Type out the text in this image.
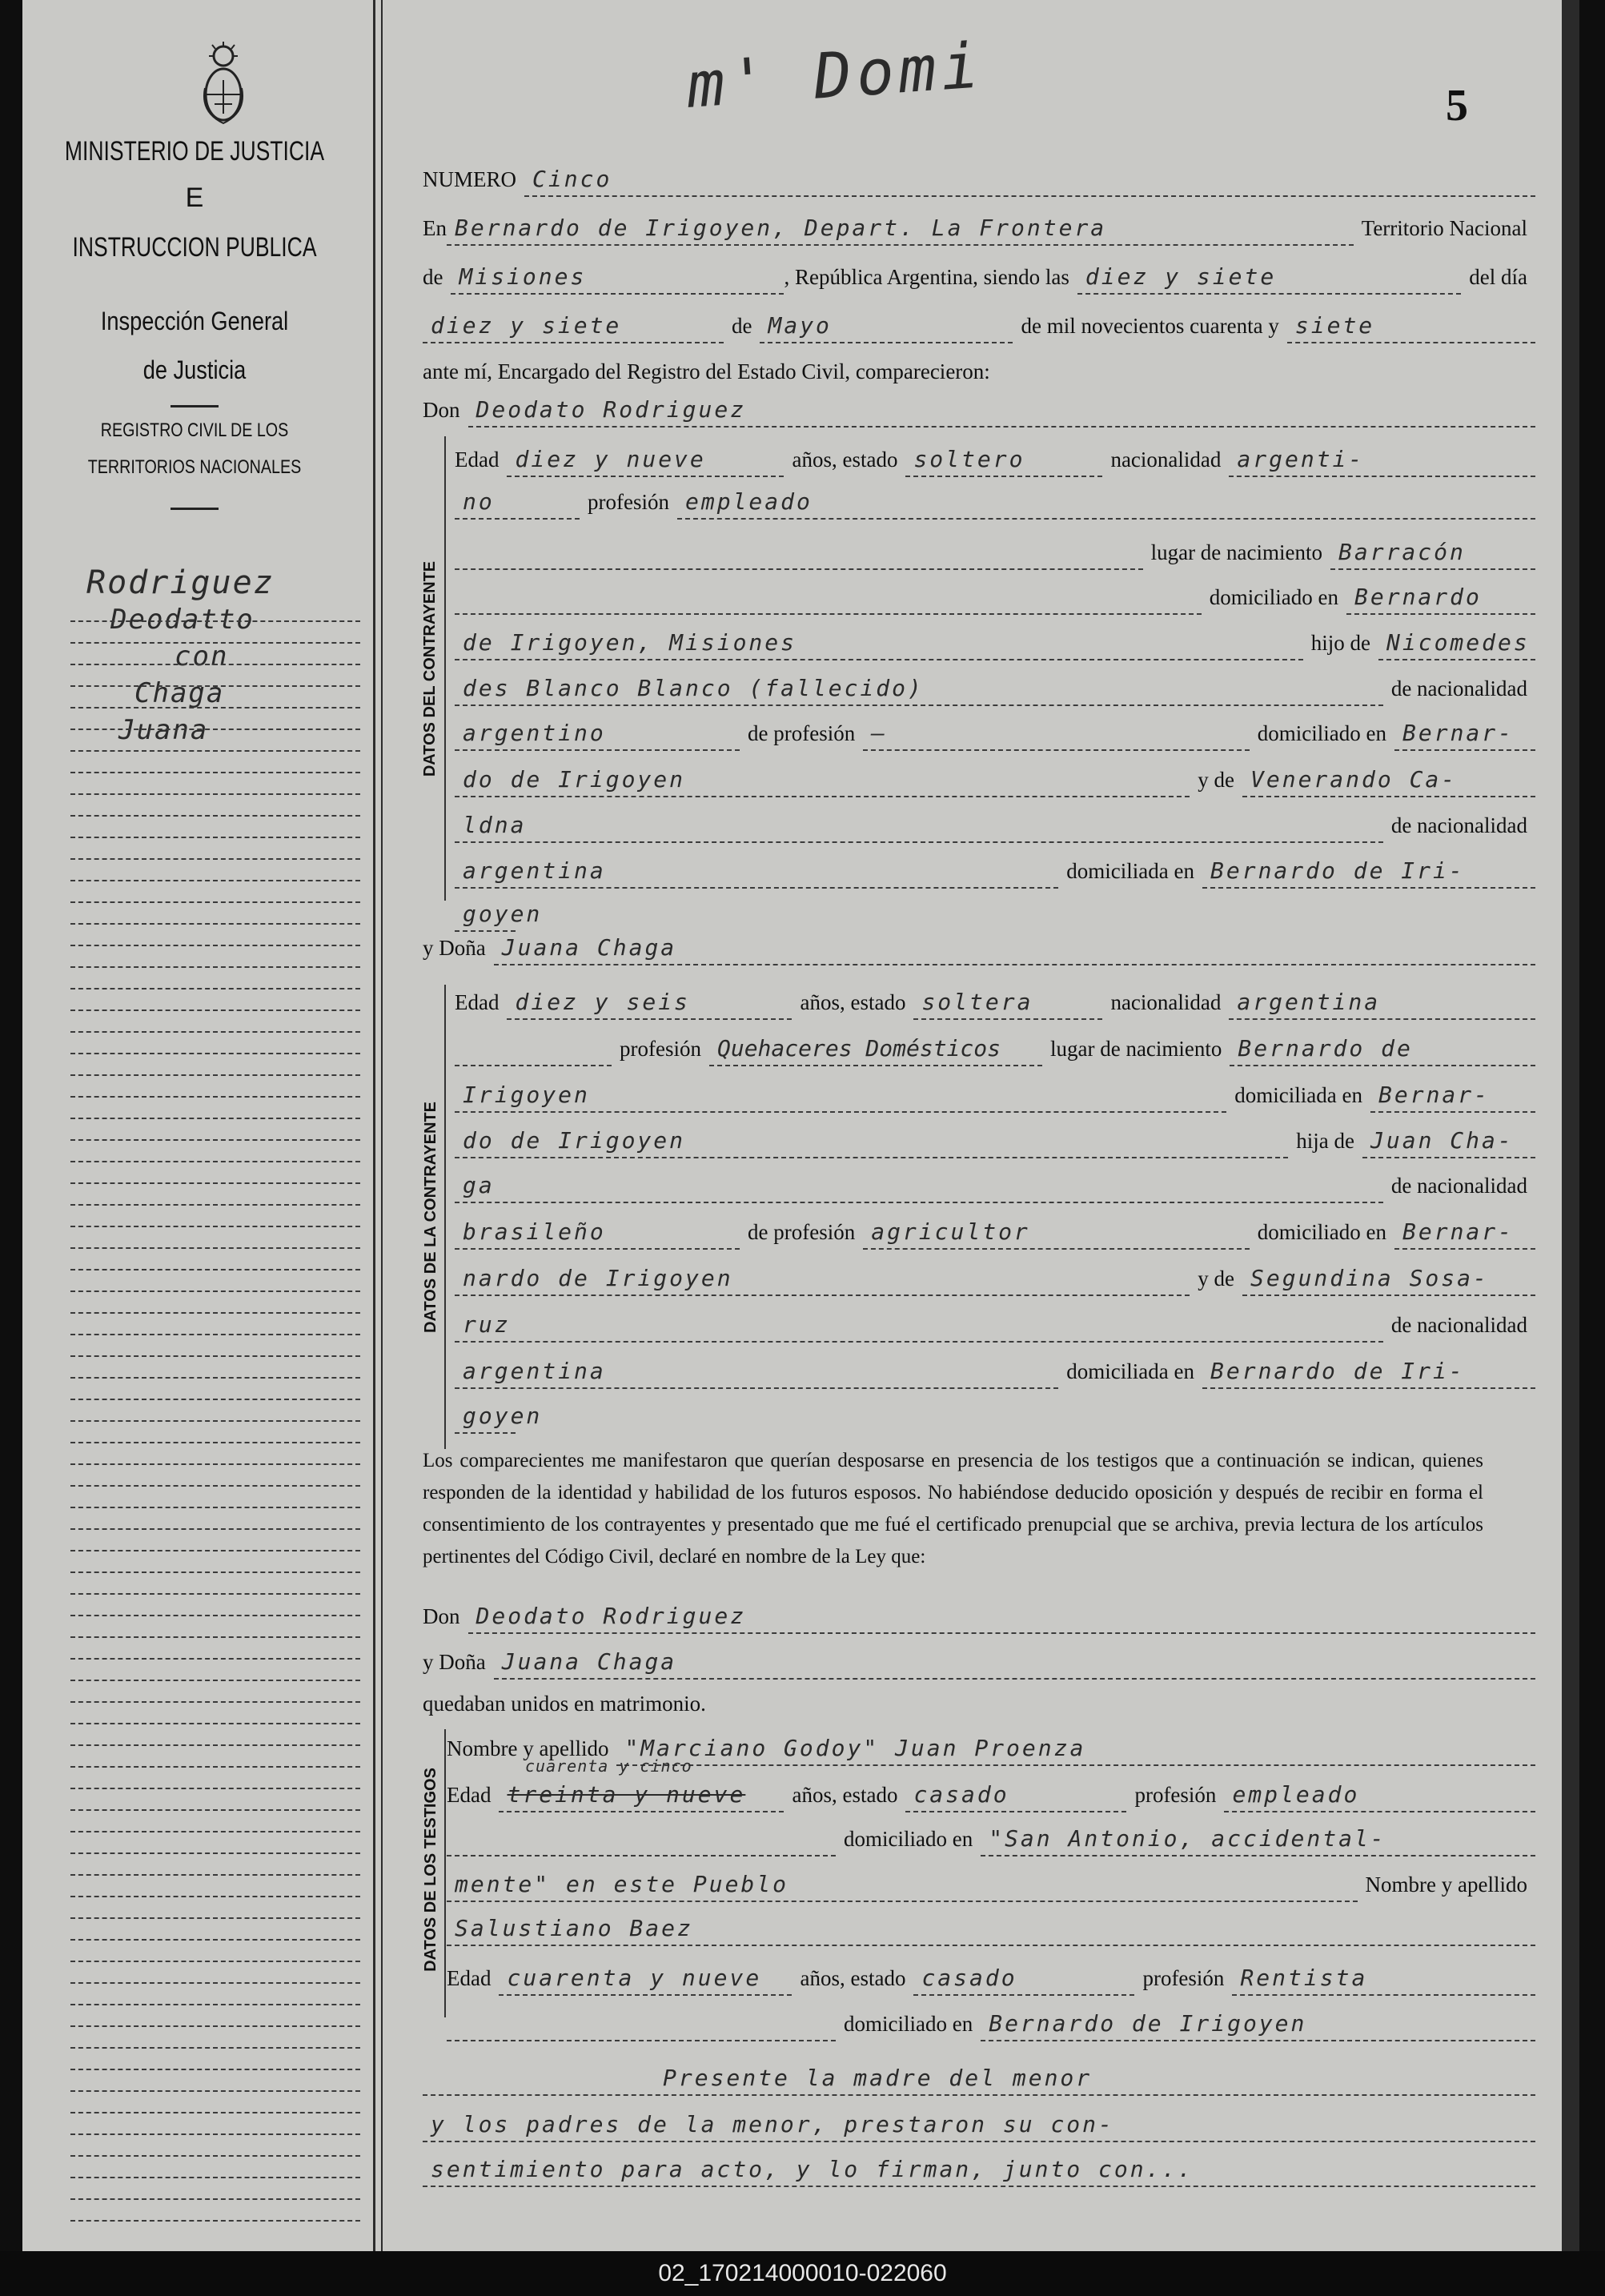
MINISTERIO DE JUSTICIA
E
INSTRUCCION PUBLICA
Inspección General
de Justicia
REGISTRO CIVIL DE LOS
TERRITORIOS NACIONALES
Rodriguez
Deodatto
con
Chaga
Juana
m' Domi	5
NUMERO Cinco
En Bernardo de Irigoyen, Depart. La Frontera	Territorio Nacional
de Misiones	, República Argentina, siendo las diez y siete	del día
diez y siete	de Mayo	de mil novecientos cuarenta y siete
ante mí, Encargado del Registro del Estado Civil, comparecieron:
Don Deodato Rodriguez
DATOS DEL CONTRAYENTE
Edad diez y nueve	años, estado soltero	nacionalidad argenti-
no	profesión empleado
lugar de nacimiento Barracón
domiciliado en Bernardo
de Irigoyen, Misiones	hijo de Nicomedes
des Blanco Blanco (fallecido)	de nacionalidad
argentino	de profesión —	domiciliado en Bernar-
do de Irigoyen	y de Venerando Ca-
ldna	de nacionalidad
argentina	domiciliada en Bernardo de Iri-
goyen
y Doña Juana Chaga
DATOS DE LA CONTRAYENTE
Edad diez y seis	años, estado soltera	nacionalidad argentina
profesión Quehaceres Domésticos	lugar de nacimiento Bernardo de
Irigoyen	domiciliada en Bernar-
do de Irigoyen	hija de Juan Cha-
ga	de nacionalidad
brasileño	de profesión agricultor	domiciliado en Bernar-
nardo de Irigoyen	y de Segundina Sosa-
ruz	de nacionalidad
argentina	domiciliada en Bernardo de Iri-
goyen
Los comparecientes me manifestaron que querían desposarse en presencia de los testigos que a continuación se indican, quienes responden de la identidad y habilidad de los futuros esposos. No habiéndose deducido oposición y después de recibir en forma el consentimiento de los contrayentes y presentado que me fué el certificado prenupcial que se archiva, previa lectura de los artículos pertinentes del Código Civil, declaré en nombre de la Ley que:
Don Deodato Rodriguez
y Doña Juana Chaga
quedaban unidos en matrimonio.
DATOS DE LOS TESTIGOS
Nombre y apellido "Marciano Godoy" Juan Proenza
cuarenta y cinco
Edad treinta y nueve	años, estado casado	profesión empleado
domiciliado en "San Antonio, accidental-
mente" en este Pueblo	Nombre y apellido
Salustiano Baez
Edad cuarenta y nueve	años, estado casado	profesión Rentista
domiciliado en Bernardo de Irigoyen
Presente la madre del menor
y los padres de la menor, prestaron su con-
sentimiento para acto, y lo firman, junto con...
02_170214000010-022060
